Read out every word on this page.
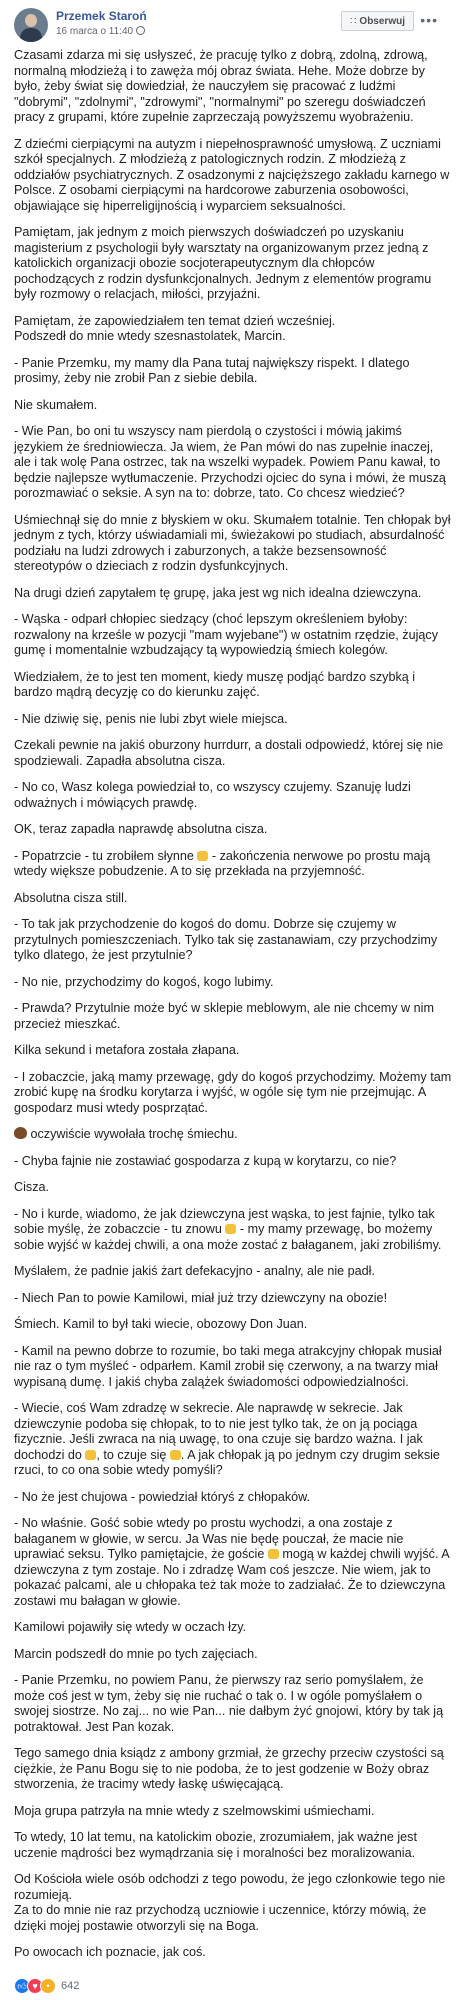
Przemek Staroń
16 marca o 11:40
∷ Obserwuj	•••

Czasami zdarza mi się usłyszeć, że pracuję tylko z dobrą, zdolną, zdrową, normalną młodzieżą i to zawęża mój obraz świata. Hehe. Może dobrze by było, żeby świat się dowiedział, że nauczyłem się pracować z ludźmi "dobrymi", "zdolnymi", "zdrowymi", "normalnymi" po szeregu doświadczeń pracy z grupami, które zupełnie zaprzeczają powyższemu wyobrażeniu.

Z dziećmi cierpiącymi na autyzm i niepełnosprawność umysłową. Z uczniami szkół specjalnych. Z młodzieżą z patologicznych rodzin. Z młodzieżą z oddziałów psychiatrycznych. Z osadzonymi z najcięższego zakładu karnego w Polsce. Z osobami cierpiącymi na hardcorowe zaburzenia osobowości, objawiające się hiperreligijnością i wyparciem seksualności.

Pamiętam, jak jednym z moich pierwszych doświadczeń po uzyskaniu magisterium z psychologii były warsztaty na organizowanym przez jedną z katolickich organizacji obozie socjoterapeutycznym dla chłopców pochodzących z rodzin dysfunkcjonalnych. Jednym z elementów programu były rozmowy o relacjach, miłości, przyjaźni.

Pamiętam, że zapowiedziałem ten temat dzień wcześniej.
Podszedł do mnie wtedy szesnastolatek, Marcin.

- Panie Przemku, my mamy dla Pana tutaj największy rispekt. I dlatego prosimy, żeby nie zrobił Pan z siebie debila.

Nie skumałem.

- Wie Pan, bo oni tu wszyscy nam pierdolą o czystości i mówią jakimś językiem że średniowiecza. Ja wiem, że Pan mówi do nas zupełnie inaczej, ale i tak wolę Pana ostrzec, tak na wszelki wypadek. Powiem Panu kawał, to będzie najlepsze wytłumaczenie. Przychodzi ojciec do syna i mówi, że muszą porozmawiać o seksie. A syn na to: dobrze, tato. Co chcesz wiedzieć?

Uśmiechnął się do mnie z błyskiem w oku. Skumałem totalnie. Ten chłopak był jednym z tych, którzy uświadamiali mi, świeżakowi po studiach, absurdalność podziału na ludzi zdrowych i zaburzonych, a także bezsensowność stereotypów o dzieciach z rodzin dysfunkcyjnych.

Na drugi dzień zapytałem tę grupę, jaka jest wg nich idealna dziewczyna.

- Wąska - odparł chłopiec siedzący (choć lepszym określeniem byłoby: rozwalony na krześle w pozycji "mam wyjebane") w ostatnim rzędzie, żujący gumę i momentalnie wzbudzający tą wypowiedzią śmiech kolegów.

Wiedziałem, że to jest ten moment, kiedy muszę podjąć bardzo szybką i bardzo mądrą decyzję co do kierunku zajęć.

- Nie dziwię się, penis nie lubi zbyt wiele miejsca.

Czekali pewnie na jakiś oburzony hurrdurr, a dostali odpowiedź, której się nie spodziewali. Zapadła absolutna cisza.

- No co, Wasz kolega powiedział to, co wszyscy czujemy. Szanuję ludzi odważnych i mówiących prawdę.

OK, teraz zapadła naprawdę absolutna cisza.

- Popatrzcie - tu zrobiłem słynne  - zakończenia nerwowe po prostu mają wtedy większe pobudzenie. A to się przekłada na przyjemność.

Absolutna cisza still.

- To tak jak przychodzenie do kogoś do domu. Dobrze się czujemy w przytulnych pomieszczeniach. Tylko tak się zastanawiam, czy przychodzimy tylko dlatego, że jest przytulnie?

- No nie, przychodzimy do kogoś, kogo lubimy.

- Prawda? Przytulnie może być w sklepie meblowym, ale nie chcemy w nim przecież mieszkać.

Kilka sekund i metafora została złapana.

- I zobaczcie, jaką mamy przewagę, gdy do kogoś przychodzimy. Możemy tam zrobić kupę na środku korytarza i wyjść, w ogóle się tym nie przejmując. A gospodarz musi wtedy posprzątać.

oczywiście wywołała trochę śmiechu.

- Chyba fajnie nie zostawiać gospodarza z kupą w korytarzu, co nie?

Cisza.

- No i kurde, wiadomo, że jak dziewczyna jest wąska, to jest fajnie, tylko tak sobie myślę, że zobaczcie - tu znowu  - my mamy przewagę, bo możemy sobie wyjść w każdej chwili, a ona może zostać z bałaganem, jaki zrobiliśmy.

Myślałem, że padnie jakiś żart defekacyjno - analny, ale nie padł.

- Niech Pan to powie Kamilowi, miał już trzy dziewczyny na obozie!

Śmiech. Kamil to był taki wiecie, obozowy Don Juan.

- Kamil na pewno dobrze to rozumie, bo taki mega atrakcyjny chłopak musiał nie raz o tym myśleć - odparłem. Kamil zrobił się czerwony, a na twarzy miał wypisaną dumę. I jakiś chyba zalążek świadomości odpowiedzialności.

- Wiecie, coś Wam zdradzę w sekrecie. Ale naprawdę w sekrecie. Jak dziewczynie podoba się chłopak, to to nie jest tylko tak, że on ją pociąga fizycznie. Jeśli zwraca na nią uwagę, to ona czuje się bardzo ważna. I jak dochodzi do , to czuje się . A jak chłopak ją po jednym czy drugim seksie rzuci, to co ona sobie wtedy pomyśli?

- No że jest chujowa - powiedział któryś z chłopaków.

- No właśnie. Gość sobie wtedy po prostu wychodzi, a ona zostaje z bałaganem w głowie, w sercu. Ja Was nie będę pouczał, że macie nie uprawiać seksu. Tylko pamiętajcie, że goście  mogą w każdej chwili wyjść. A dziewczyna z tym zostaje. No i zdradzę Wam coś jeszcze. Nie wiem, jak to pokazać palcami, ale u chłopaka też tak może to zadziałać. Że to dziewczyna zostawi mu bałagan w głowie.

Kamilowi pojawiły się wtedy w oczach łzy.

Marcin podszedł do mnie po tych zajęciach.

- Panie Przemku, no powiem Panu, że pierwszy raz serio pomyślałem, że może coś jest w tym, żeby się nie ruchać o tak o. I w ogóle pomyślałem o swojej siostrze. No zaj... no wie Pan... nie dałbym żyć gnojowi, który by tak ją potraktował. Jest Pan kozak.

Tego samego dnia ksiądz z ambony grzmiał, że grzechy przeciw czystości są ciężkie, że Panu Bogu się to nie podoba, że to jest godzenie w Boży obraz stworzenia, że tracimy wtedy łaskę uświęcającą.

Moja grupa patrzyła na mnie wtedy z szelmowskimi uśmiechami.

To wtedy, 10 lat temu, na katolickim obozie, zrozumiałem, jak ważne jest uczenie mądrości bez wymądrzania się i moralności bez moralizowania.

Od Kościoła wiele osób odchodzi z tego powodu, że jego członkowie tego nie rozumieją.
Za to do mnie nie raz przychodzą uczniowie i uczennice, którzy mówią, że dzięki mojej postawie otworzyli się na Boga.

Po owocach ich poznacie, jak coś.

👍︎ ♥ •	642
